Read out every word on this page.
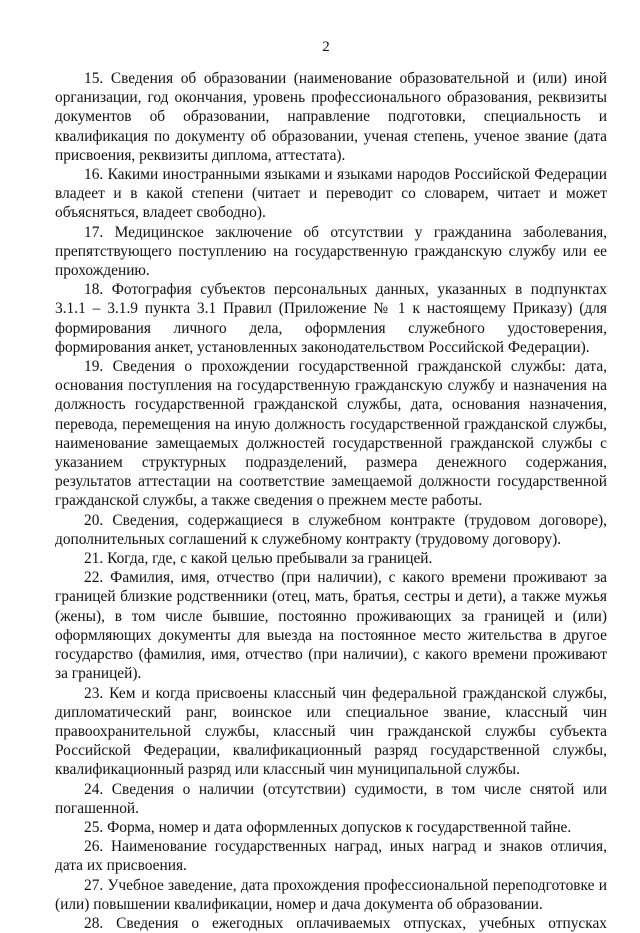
2

15. Сведения об образовании (наименование образовательной и (или) иной организации, год окончания, уровень профессионального образования, реквизиты документов об образовании, направление подготовки, специальность и квалификация по документу об образовании, ученая степень, ученое звание (дата присвоения, реквизиты диплома, аттестата).

16. Какими иностранными языками и языками народов Российской Федерации владеет и в какой степени (читает и переводит со словарем, читает и может объясняться, владеет свободно).

17. Медицинское заключение об отсутствии у гражданина заболевания, препятствующего поступлению на государственную гражданскую службу или ее прохождению.

18. Фотография субъектов персональных данных, указанных в подпунктах 3.1.1 – 3.1.9 пункта 3.1 Правил (Приложение № 1 к настоящему Приказу) (для формирования личного дела, оформления служебного удостоверения, формирования анкет, установленных законодательством Российской Федерации).

19. Сведения о прохождении государственной гражданской службы: дата, основания поступления на государственную гражданскую службу и назначения на должность государственной гражданской службы, дата, основания назначения, перевода, перемещения на иную должность государственной гражданской службы, наименование замещаемых должностей государственной гражданской службы с указанием структурных подразделений, размера денежного содержания, результатов аттестации на соответствие замещаемой должности государственной гражданской службы, а также сведения о прежнем месте работы.

20. Сведения, содержащиеся в служебном контракте (трудовом договоре), дополнительных соглашений к служебному контракту (трудовому договору).

21. Когда, где, с какой целью пребывали за границей.

22. Фамилия, имя, отчество (при наличии), с какого времени проживают за границей близкие родственники (отец, мать, братья, сестры и дети), а также мужья (жены), в том числе бывшие, постоянно проживающих за границей и (или) оформляющих документы для выезда на постоянное место жительства в другое государство (фамилия, имя, отчество (при наличии), с какого времени проживают за границей).

23. Кем и когда присвоены классный чин федеральной гражданской службы, дипломатический ранг, воинское или специальное звание, классный чин правоохранительной службы, классный чин гражданской службы субъекта Российской Федерации, квалификационный разряд государственной службы, квалификационный разряд или классный чин муниципальной службы.

24. Сведения о наличии (отсутствии) судимости, в том числе снятой или погашенной.

25. Форма, номер и дата оформленных допусков к государственной тайне.

26. Наименование государственных наград, иных наград и знаков отличия, дата их присвоения.

27. Учебное заведение, дата прохождения профессиональной переподготовке и (или) повышении квалификации, номер и дача документа об образовании.

28. Сведения о ежегодных оплачиваемых отпусках, учебных отпусках
